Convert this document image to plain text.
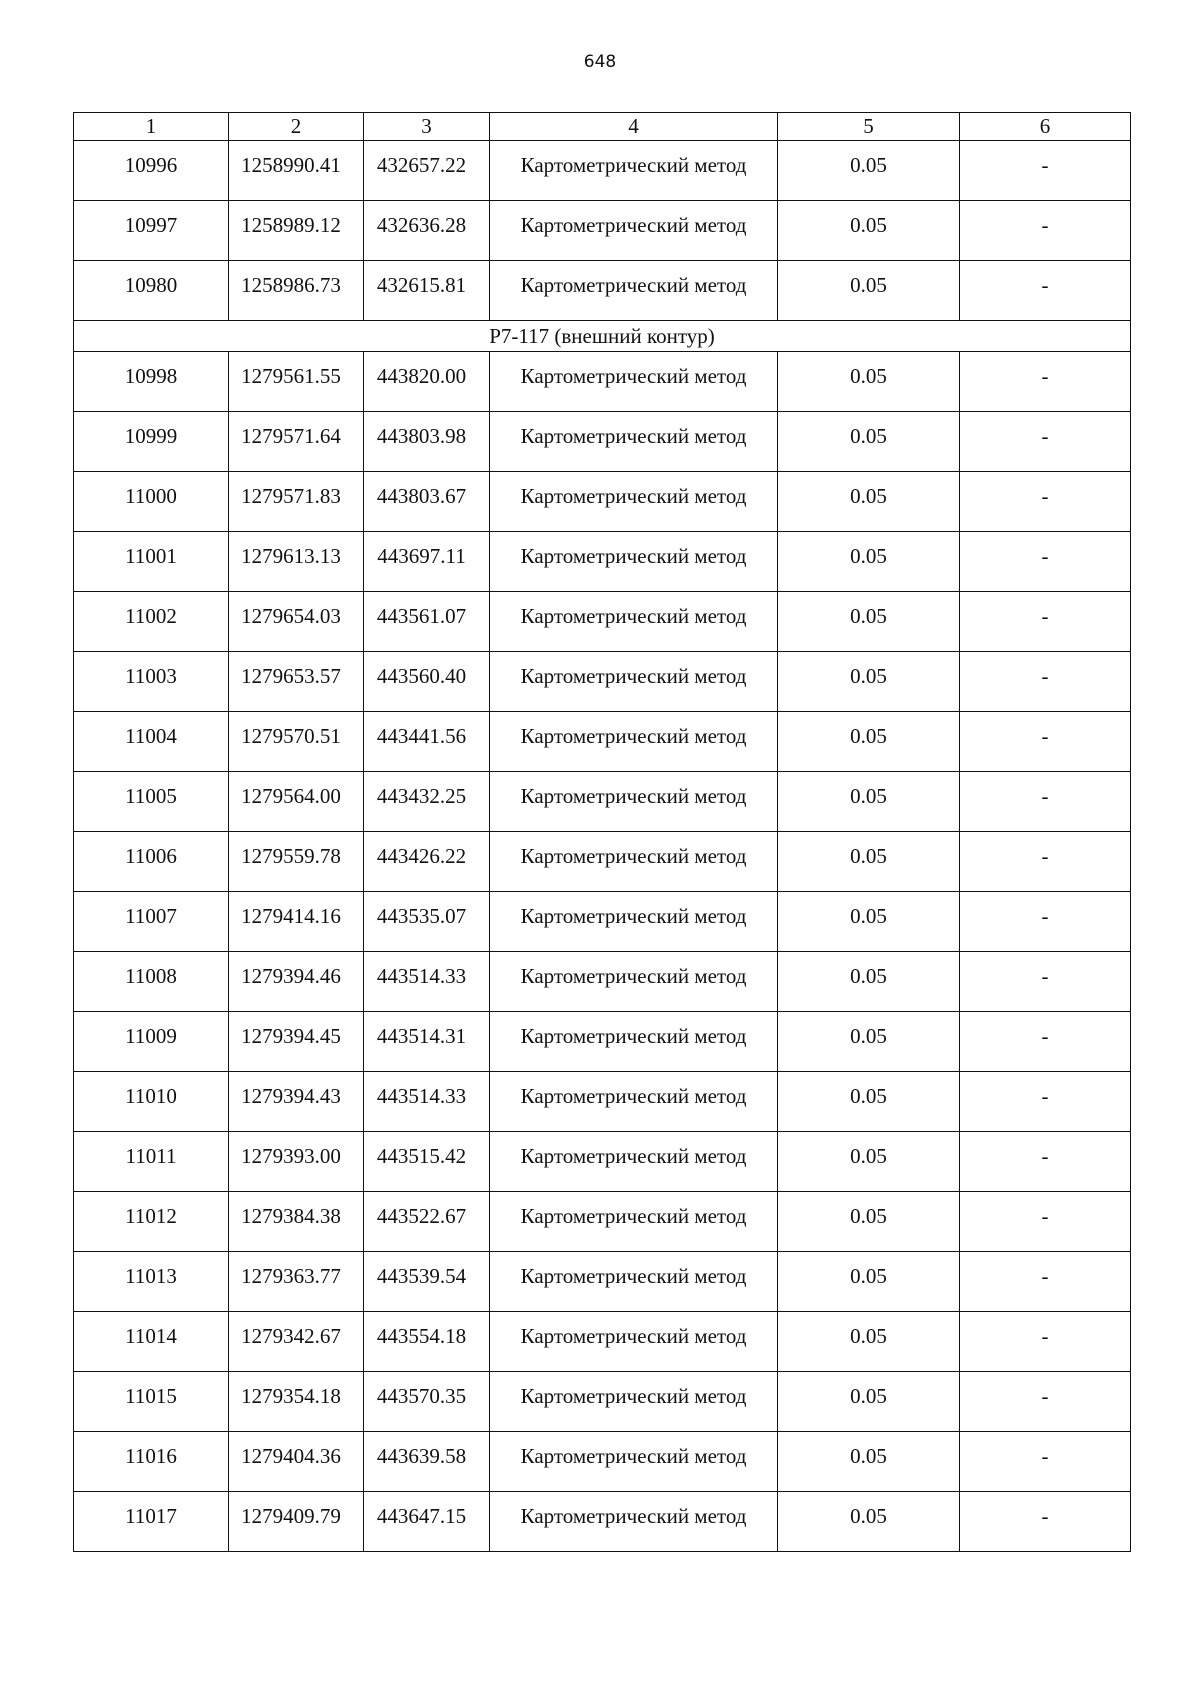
648
1	2	3	4	5	6
10996	1258990.41	432657.22	Картометрический метод	0.05	-
10997	1258989.12	432636.28	Картометрический метод	0.05	-
10980	1258986.73	432615.81	Картометрический метод	0.05	-
Р7-117 (внешний контур)					
10998	1279561.55	443820.00	Картометрический метод	0.05	-
10999	1279571.64	443803.98	Картометрический метод	0.05	-
11000	1279571.83	443803.67	Картометрический метод	0.05	-
11001	1279613.13	443697.11	Картометрический метод	0.05	-
11002	1279654.03	443561.07	Картометрический метод	0.05	-
11003	1279653.57	443560.40	Картометрический метод	0.05	-
11004	1279570.51	443441.56	Картометрический метод	0.05	-
11005	1279564.00	443432.25	Картометрический метод	0.05	-
11006	1279559.78	443426.22	Картометрический метод	0.05	-
11007	1279414.16	443535.07	Картометрический метод	0.05	-
11008	1279394.46	443514.33	Картометрический метод	0.05	-
11009	1279394.45	443514.31	Картометрический метод	0.05	-
11010	1279394.43	443514.33	Картометрический метод	0.05	-
11011	1279393.00	443515.42	Картометрический метод	0.05	-
11012	1279384.38	443522.67	Картометрический метод	0.05	-
11013	1279363.77	443539.54	Картометрический метод	0.05	-
11014	1279342.67	443554.18	Картометрический метод	0.05	-
11015	1279354.18	443570.35	Картометрический метод	0.05	-
11016	1279404.36	443639.58	Картометрический метод	0.05	-
11017	1279409.79	443647.15	Картометрический метод	0.05	-
